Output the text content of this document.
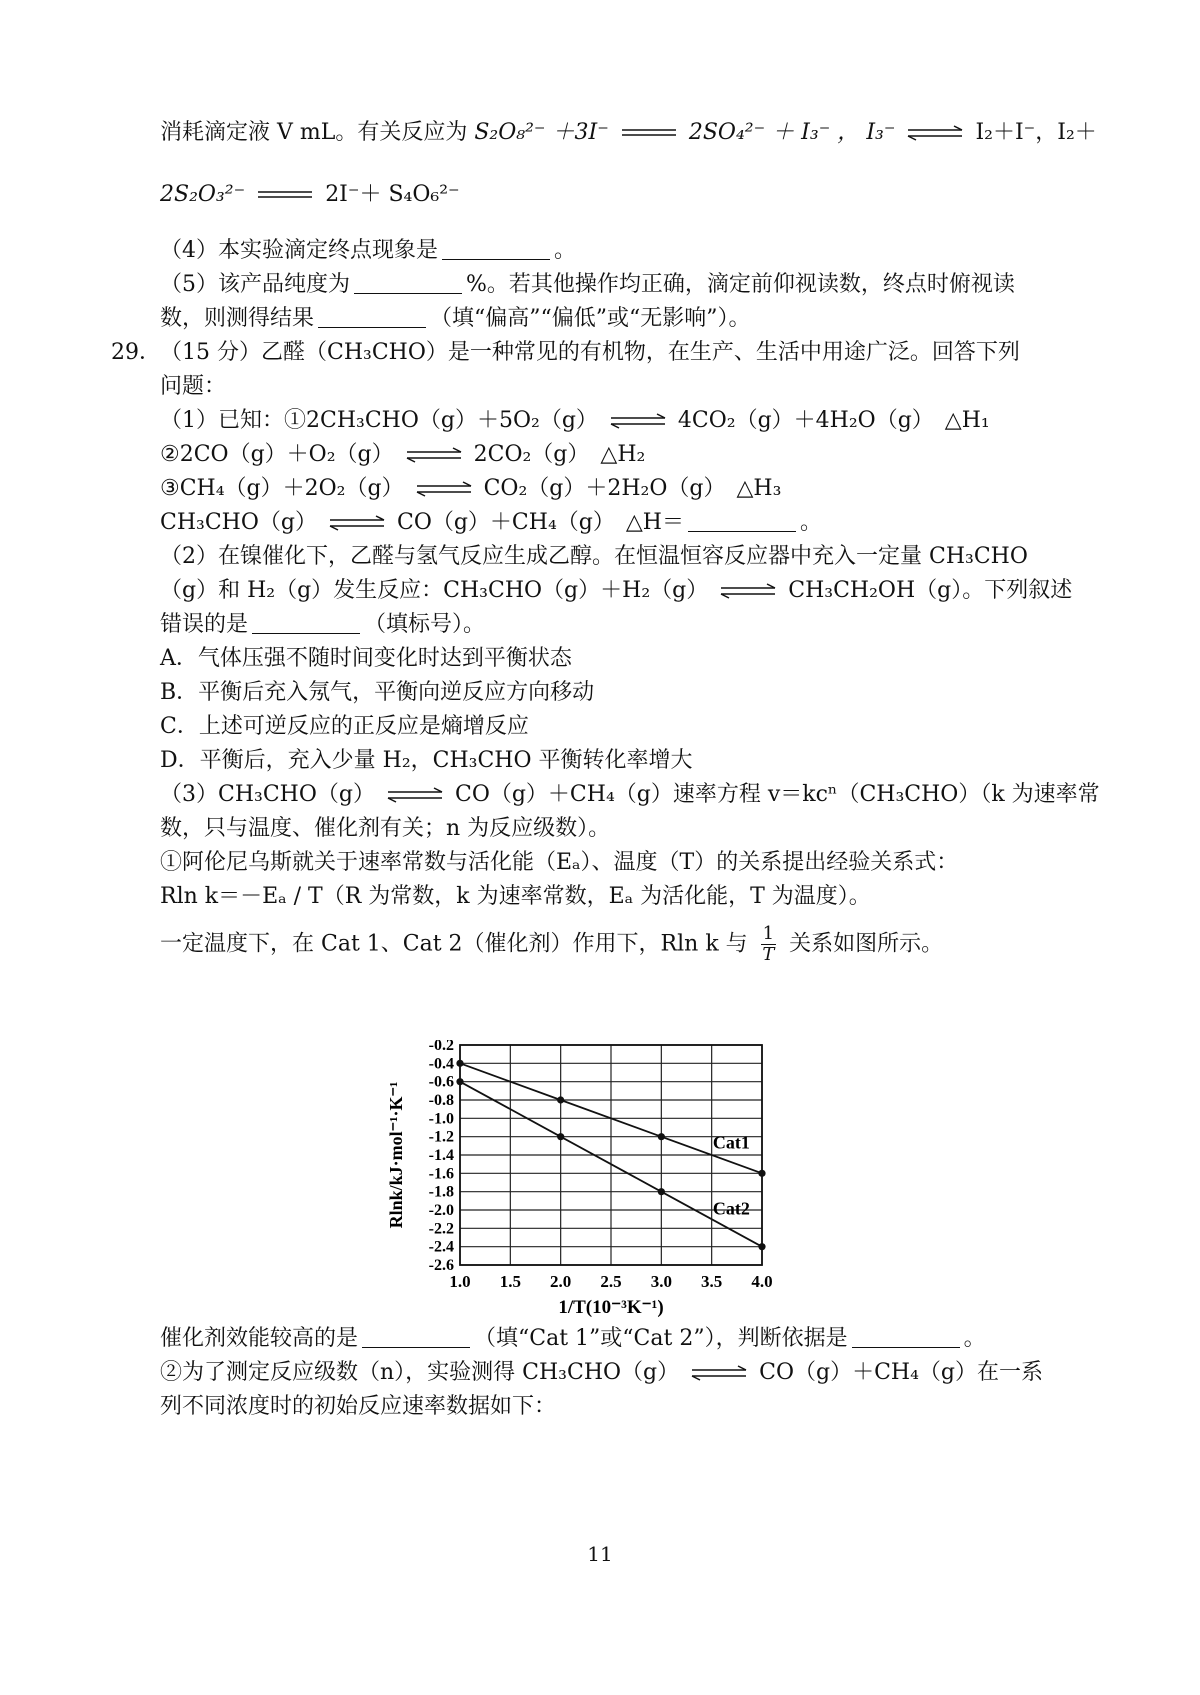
消耗滴定液 V mL。有关反应为 S₂O₈²⁻ ＋3I⁻	2SO₄²⁻ ＋ I₃⁻ ， I₃⁻ ⇌ I₂＋I⁻，I₂＋
2S₂O₃²⁻	2I⁻＋ S₄O₆²⁻
（4）本实验滴定终点现象是	。
（5）该产品纯度为	%。若其他操作均正确，滴定前仰视读数，终点时俯视读
数，则测得结果	（填“偏高”“偏低”或“无影响”）。
29． （15 分）乙醛（CH₃CHO）是一种常见的有机物，在生产、生活中用途广泛。回答下列
问题：
（1）已知：①2CH₃CHO（g）＋5O₂（g） ⇌ 4CO₂（g）＋4H₂O（g）　△H₁
②2CO（g）＋O₂（g） ⇌ 2CO₂（g）　△H₂
③CH₄（g）＋2O₂（g） ⇌ CO₂（g）＋2H₂O（g）　△H₃
CH₃CHO（g） ⇌ CO（g）＋CH₄（g）　△H＝	。
（2）在镍催化下，乙醛与氢气反应生成乙醇。在恒温恒容反应器中充入一定量 CH₃CHO
（g）和 H₂（g）发生反应：CH₃CHO（g）＋H₂（g） ⇌ CH₃CH₂OH（g）。下列叙述
错误的是	（填标号）。
A．气体压强不随时间变化时达到平衡状态
B．平衡后充入氖气，平衡向逆反应方向移动
C．上述可逆反应的正反应是熵增反应
D．平衡后，充入少量 H₂，CH₃CHO 平衡转化率增大
（3）CH₃CHO（g） ⇌ CO（g）＋CH₄（g）速率方程 v＝kcⁿ（CH₃CHO）（k 为速率常
数，只与温度、催化剂有关；n 为反应级数）。
①阿伦尼乌斯就关于速率常数与活化能（Eₐ）、温度（T）的关系提出经验关系式：
Rln k＝－Eₐ / T（R 为常数，k 为速率常数，Eₐ 为活化能，T 为温度）。
一定温度下，在 Cat 1、Cat 2（催化剂）作用下，Rln k 与 $\frac{1}{T}$ 关系如图所示。
1.0 1.5 2.0 2.5 3.0 3.5 4.0
-0.2
-0.4
-0.6
-0.8
-1.0
-1.2
-1.4
-1.6
-1.8
-2.0
-2.2
-2.4
-2.6
1/T(10⁻³K⁻¹)
Rlnk/kJ·mol⁻¹·K⁻¹	Cat1
Cat2
催化剂效能较高的是	（填“Cat 1”或“Cat 2”），判断依据是	。
②为了测定反应级数（n），实验测得 CH₃CHO（g） ⇌ CO（g）＋CH₄（g）在一系
列不同浓度时的初始反应速率数据如下：
11
